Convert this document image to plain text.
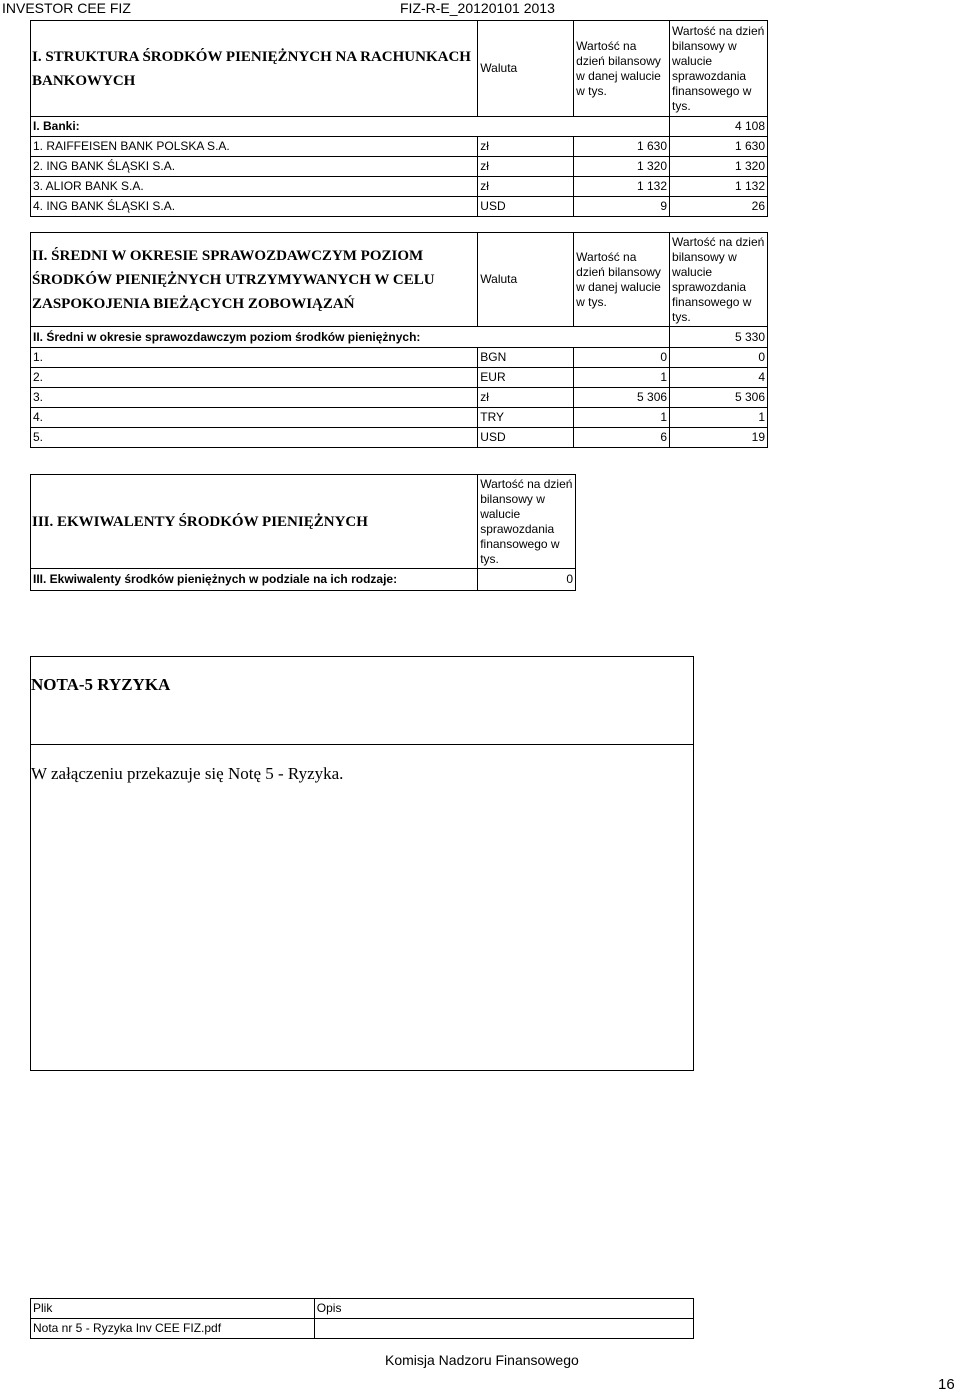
INVESTOR CEE FIZ	FIZ-R-E_20120101 2013
I. STRUKTURA ŚRODKÓW PIENIĘŻNYCH NA RACHUNKACH BANKOWYCH	Waluta	Wartość na dzień bilansowy w danej walucie w tys.	Wartość na dzień bilansowy w walucie sprawozdania finansowego w tys.
I. Banki:			4 108
1. RAIFFEISEN BANK POLSKA S.A.	zł	1 630	1 630
2. ING BANK ŚLĄSKI S.A.	zł	1 320	1 320
3. ALIOR BANK S.A.	zł	1 132	1 132
4. ING BANK ŚLĄSKI S.A.	USD	9	26
II. ŚREDNI W OKRESIE SPRAWOZDAWCZYM POZIOM ŚRODKÓW PIENIĘŻNYCH UTRZYMYWANYCH W CELU ZASPOKOJENIA BIEŻĄCYCH ZOBOWIĄZAŃ	Waluta	Wartość na dzień bilansowy w danej walucie w tys.	Wartość na dzień bilansowy w walucie sprawozdania finansowego w tys.
II. Średni w okresie sprawozdawczym poziom środków pieniężnych:			5 330
1.	BGN	0	0
2.	EUR	1	4
3.	zł	5 306	5 306
4.	TRY	1	1
5.	USD	6	19
III. EKWIWALENTY ŚRODKÓW PIENIĘŻNYCH	Wartość na dzień bilansowy w walucie sprawozdania finansowego w tys.
III. Ekwiwalenty środków pieniężnych w podziale na ich rodzaje:	0
NOTA-5 RYZYKA
W załączeniu przekazuje się Notę 5 - Ryzyka.
Plik	Opis
Nota nr 5 - Ryzyka Inv CEE FIZ.pdf	
Komisja Nadzoru Finansowego
16
